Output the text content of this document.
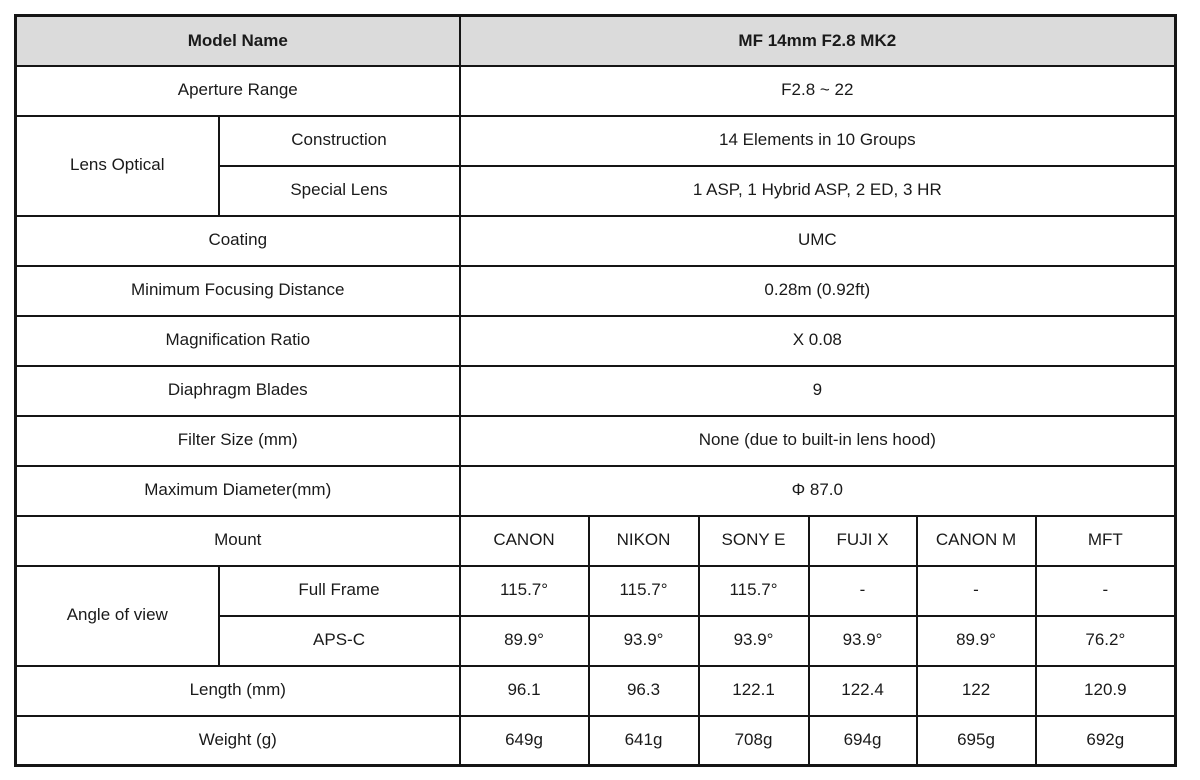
Model Name		MF 14mm F2.8 MK2					
Aperture Range		F2.8 ~ 22					
Lens Optical	Construction	14 Elements in 10 Groups					
	Special Lens	1 ASP, 1 Hybrid ASP, 2 ED, 3 HR					
Coating		UMC					
Minimum Focusing Distance		0.28m (0.92ft)					
Magnification Ratio		X 0.08					
Diaphragm Blades		9					
Filter Size (mm)		None (due to built-in lens hood)					
Maximum Diameter(mm)		Φ 87.0					
Mount		CANON	NIKON	SONY E	FUJI X	CANON M	MFT
Angle of view	Full Frame	115.7°	115.7°	115.7°	-	-	-
	APS-C	89.9°	93.9°	93.9°	93.9°	89.9°	76.2°
Length (mm)		96.1	96.3	122.1	122.4	122	120.9
Weight (g)		649g	641g	708g	694g	695g	692g
